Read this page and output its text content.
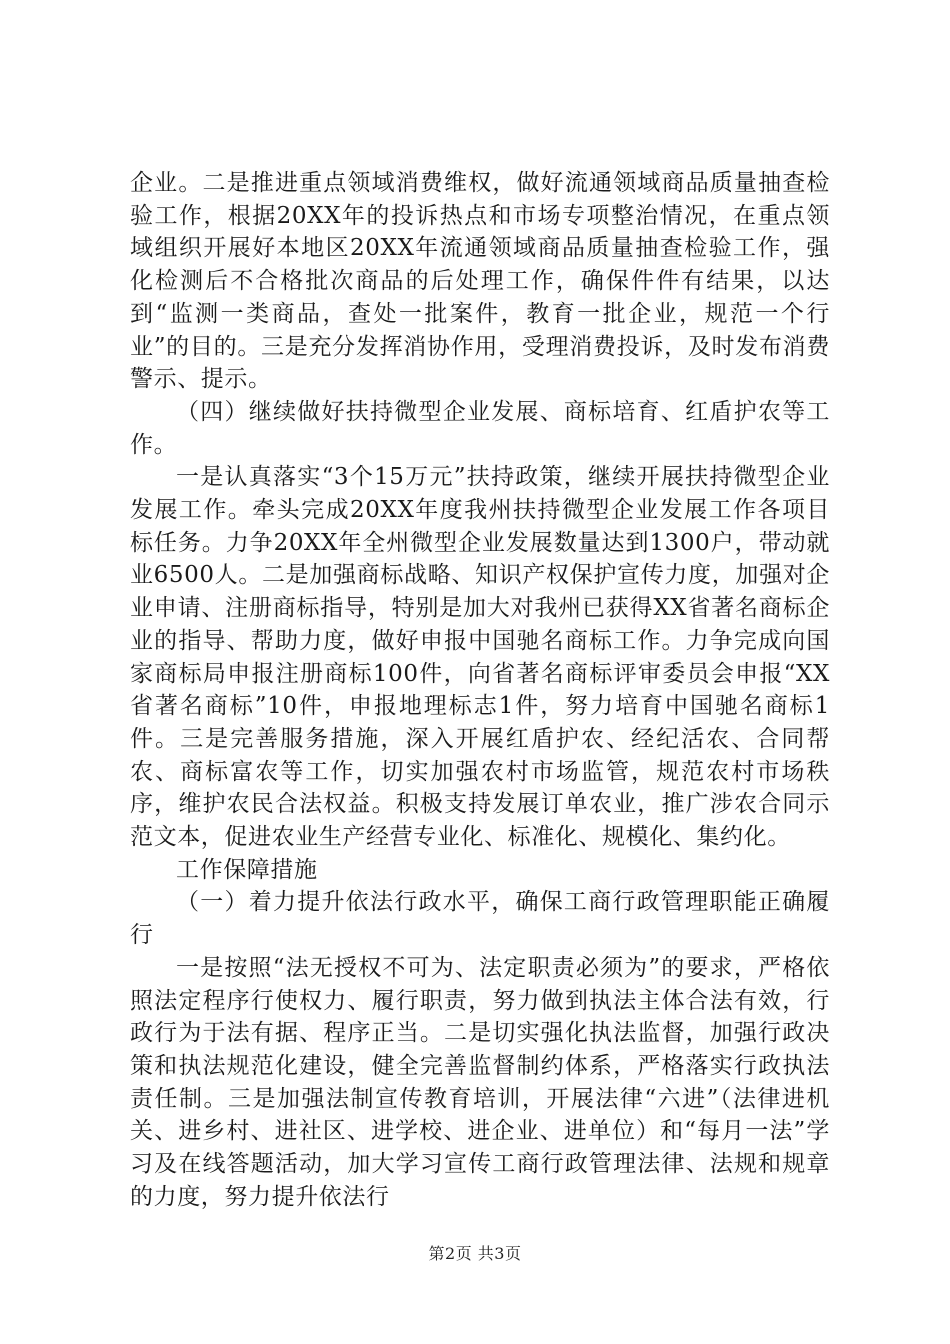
企业。二是推进重点领域消费维权，做好流通领域商品质量抽查检验工作，根据20XX年的投诉热点和市场专项整治情况，在重点领域组织开展好本地区20XX年流通领域商品质量抽查检验工作，强化检测后不合格批次商品的后处理工作，确保件件有结果，以达到“监测一类商品，查处一批案件，教育一批企业，规范一个行业”的目的。三是充分发挥消协作用，受理消费投诉，及时发布消费警示、提示。

（四）继续做好扶持微型企业发展、商标培育、红盾护农等工作。

一是认真落实“3个15万元”扶持政策，继续开展扶持微型企业发展工作。牵头完成20XX年度我州扶持微型企业发展工作各项目标任务。力争20XX年全州微型企业发展数量达到1300户，带动就业6500人。二是加强商标战略、知识产权保护宣传力度，加强对企业申请、注册商标指导，特别是加大对我州已获得XX省著名商标企业的指导、帮助力度，做好申报中国驰名商标工作。力争完成向国家商标局申报注册商标100件，向省著名商标评审委员会申报“XX省著名商标”10件，申报地理标志1件，努力培育中国驰名商标1件。三是完善服务措施，深入开展红盾护农、经纪活农、合同帮农、商标富农等工作，切实加强农村市场监管，规范农村市场秩序，维护农民合法权益。积极支持发展订单农业，推广涉农合同示范文本，促进农业生产经营专业化、标准化、规模化、集约化。

工作保障措施

（一）着力提升依法行政水平，确保工商行政管理职能正确履行

一是按照“法无授权不可为、法定职责必须为”的要求，严格依照法定程序行使权力、履行职责，努力做到执法主体合法有效，行政行为于法有据、程序正当。二是切实强化执法监督，加强行政决策和执法规范化建设，健全完善监督制约体系，严格落实行政执法责任制。三是加强法制宣传教育培训，开展法律“六进”（法律进机关、进乡村、进社区、进学校、进企业、进单位）和“每月一法”学习及在线答题活动，加大学习宣传工商行政管理法律、法规和规章的力度，努力提升依法行

第2页 共3页
